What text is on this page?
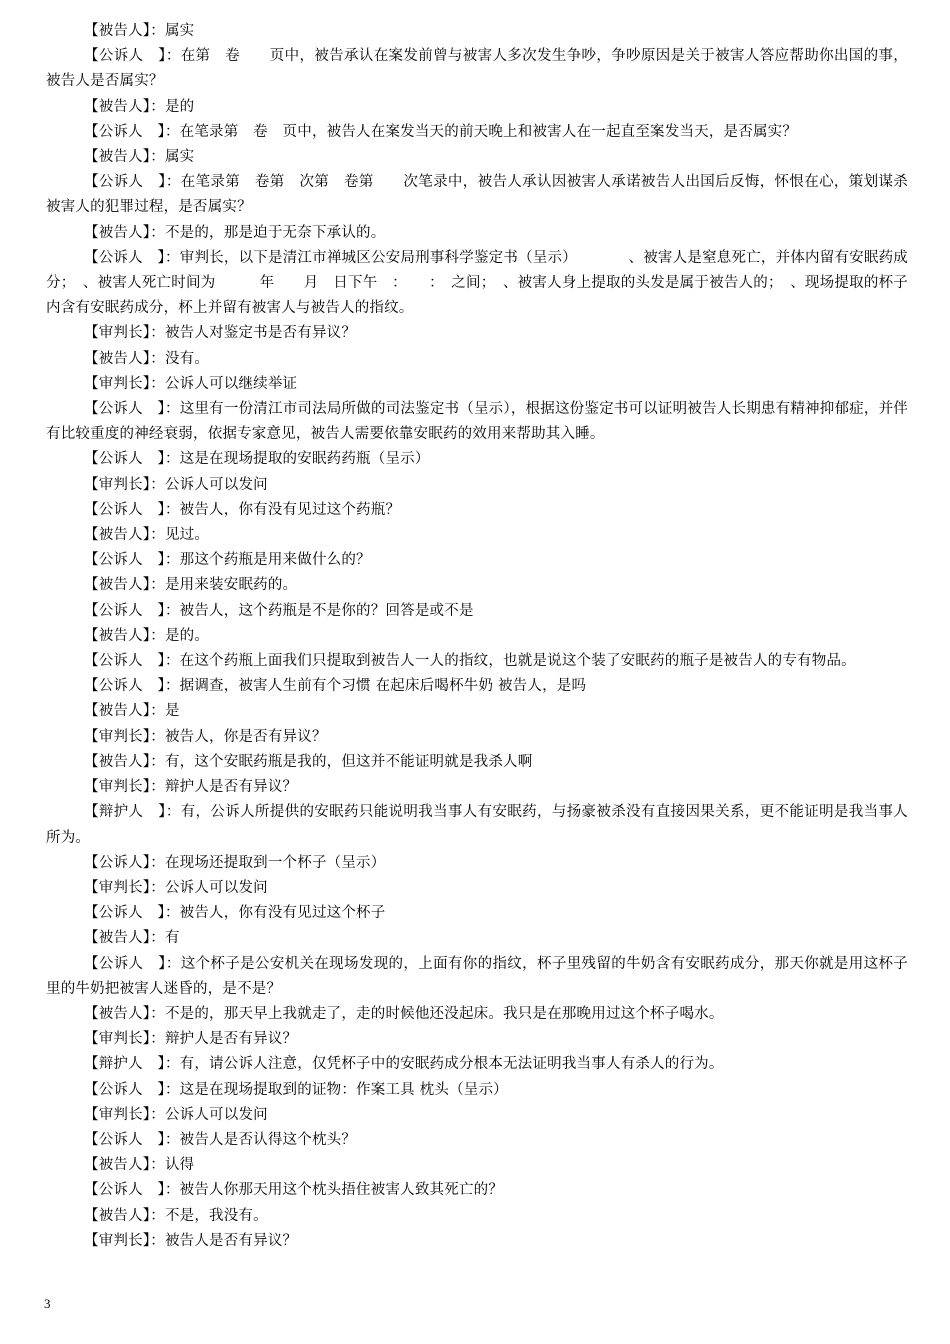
【被告人】：属实

【公诉人　】：在第　卷　　页中，被告承认在案发前曾与被害人多次发生争吵，争吵原因是关于被害人答应帮助你出国的事，被告人是否属实？

【被告人】：是的

【公诉人　】：在笔录第　卷　页中，被告人在案发当天的前天晚上和被害人在一起直至案发当天，是否属实？

【被告人】：属实

【公诉人　】：在笔录第　卷第　次第　卷第　　次笔录中，被告人承认因被害人承诺被告人出国后反悔，怀恨在心，策划谋杀被害人的犯罪过程，是否属实？

【被告人】：不是的，那是迫于无奈下承认的。

【公诉人　】：审判长，以下是清江市禅城区公安局刑事科学鉴定书（呈示）　　　　、被害人是窒息死亡，并体内留有安眠药成分；　、被害人死亡时间为　　　年　　月　日下午　：　　：　之间；　、被害人身上提取的头发是属于被告人的；　、现场提取的杯子内含有安眠药成分，杯上并留有被害人与被告人的指纹。

【审判长】：被告人对鉴定书是否有异议？

【被告人】：没有。

【审判长】：公诉人可以继续举证

【公诉人　】：这里有一份清江市司法局所做的司法鉴定书（呈示），根据这份鉴定书可以证明被告人长期患有精神抑郁症，并伴有比较重度的神经衰弱，依据专家意见，被告人需要依靠安眠药的效用来帮助其入睡。

【公诉人　】：这是在现场提取的安眠药药瓶（呈示）

【审判长】：公诉人可以发问

【公诉人　】：被告人，你有没有见过这个药瓶？

【被告人】：见过。

【公诉人　】：那这个药瓶是用来做什么的？

【被告人】：是用来装安眠药的。

【公诉人　】：被告人，这个药瓶是不是你的？回答是或不是

【被告人】：是的。

【公诉人　】：在这个药瓶上面我们只提取到被告人一人的指纹，也就是说这个装了安眠药的瓶子是被告人的专有物品。

【公诉人　】：据调查，被害人生前有个习惯 在起床后喝杯牛奶 被告人，是吗

【被告人】：是

【审判长】：被告人，你是否有异议？

【被告人】：有，这个安眠药瓶是我的，但这并不能证明就是我杀人啊

【审判长】：辩护人是否有异议？

【辩护人　】：有，公诉人所提供的安眠药只能说明我当事人有安眠药，与扬豪被杀没有直接因果关系，更不能证明是我当事人所为。

【公诉人】：在现场还提取到一个杯子（呈示）

【审判长】：公诉人可以发问

【公诉人　】：被告人，你有没有见过这个杯子

【被告人】：有

【公诉人　】：这个杯子是公安机关在现场发现的，上面有你的指纹，杯子里残留的牛奶含有安眠药成分，那天你就是用这杯子里的牛奶把被害人迷昏的，是不是？

【被告人】：不是的，那天早上我就走了，走的时候他还没起床。我只是在那晚用过这个杯子喝水。

【审判长】：辩护人是否有异议？

【辩护人　】：有，请公诉人注意，仅凭杯子中的安眠药成分根本无法证明我当事人有杀人的行为。

【公诉人　】：这是在现场提取到的证物：作案工具 枕头（呈示）

【审判长】：公诉人可以发问

【公诉人　】：被告人是否认得这个枕头？

【被告人】：认得

【公诉人　】：被告人你那天用这个枕头捂住被害人致其死亡的？

【被告人】：不是，我没有。

【审判长】：被告人是否有异议？

3
